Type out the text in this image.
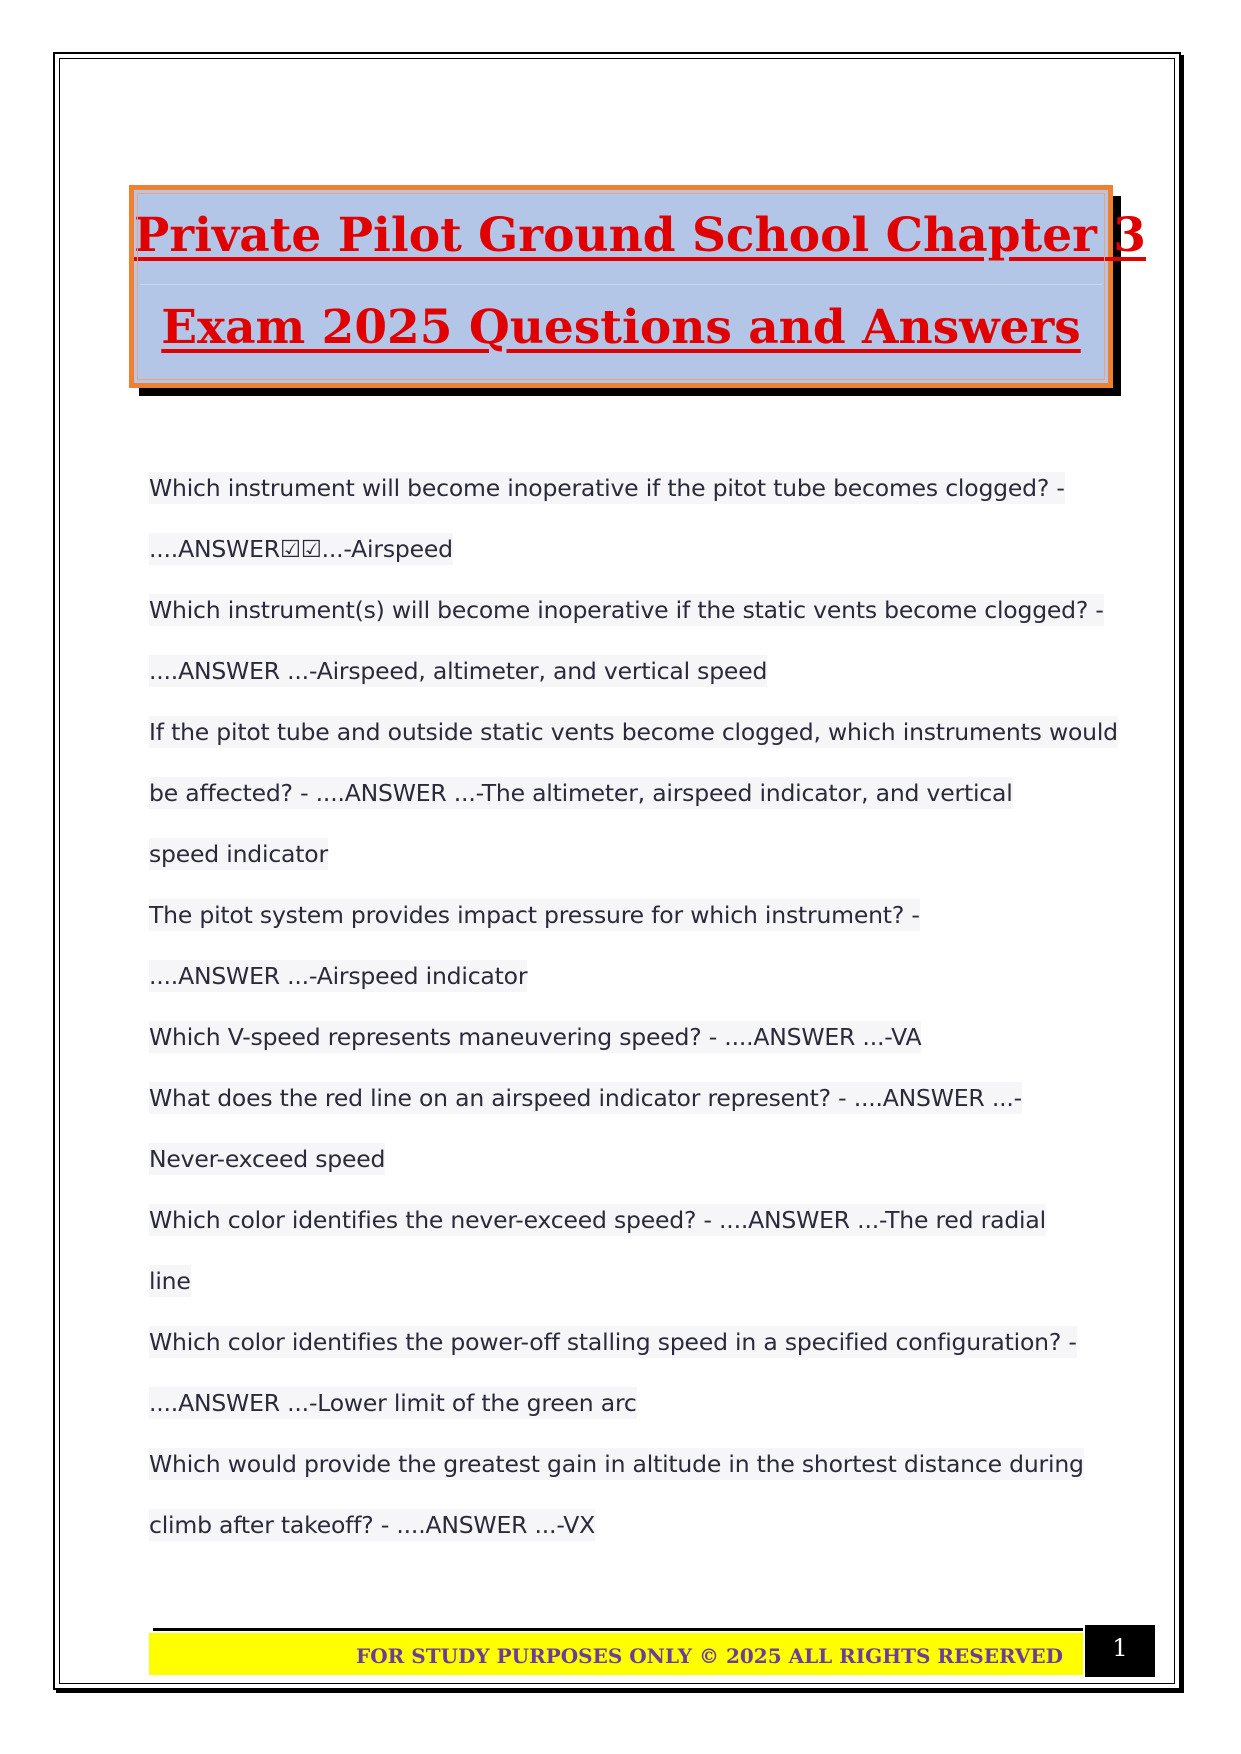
Private Pilot Ground School Chapter 3
Exam 2025 Questions and Answers
Which instrument will become inoperative if the pitot tube becomes clogged? -
....ANSWER☑☑...-Airspeed
Which instrument(s) will become inoperative if the static vents become clogged? -
....ANSWER ...-Airspeed, altimeter, and vertical speed
If the pitot tube and outside static vents become clogged, which instruments would
be affected? - ....ANSWER ...-The altimeter, airspeed indicator, and vertical
speed indicator
The pitot system provides impact pressure for which instrument? -
....ANSWER ...-Airspeed indicator
Which V-speed represents maneuvering speed? - ....ANSWER ...-VA
What does the red line on an airspeed indicator represent? - ....ANSWER ...-
Never-exceed speed
Which color identifies the never-exceed speed? - ....ANSWER ...-The red radial
line
Which color identifies the power-off stalling speed in a specified configuration? -
....ANSWER ...-Lower limit of the green arc
Which would provide the greatest gain in altitude in the shortest distance during
climb after takeoff? - ....ANSWER ...-VX
FOR STUDY PURPOSES ONLY © 2025 ALL RIGHTS RESERVED	1
